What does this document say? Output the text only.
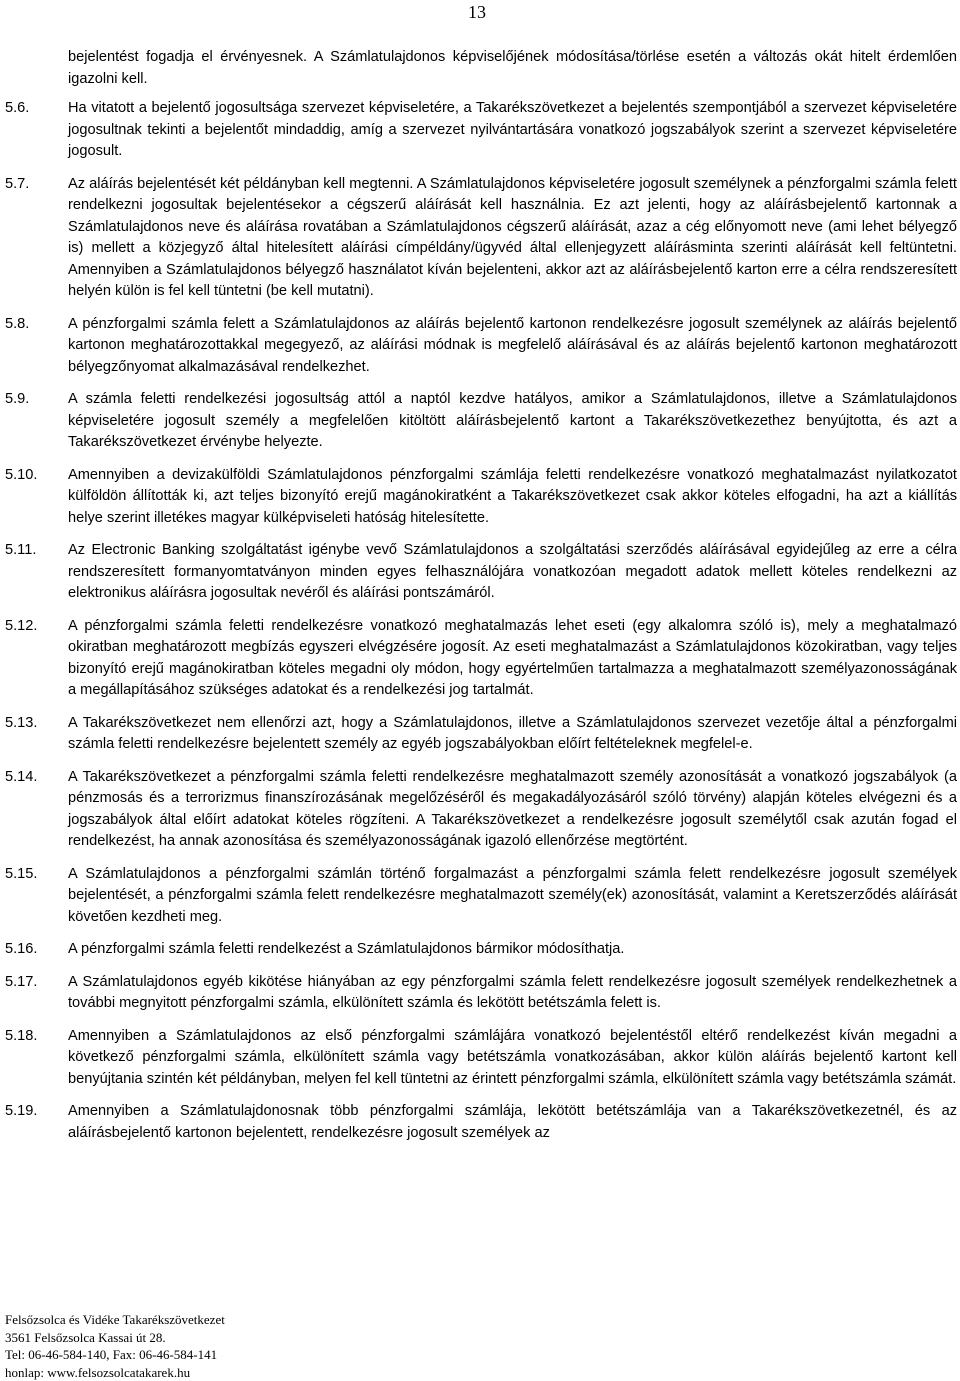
13
bejelentést fogadja el érvényesnek. A Számlatulajdonos képviselőjének módosítása/törlése esetén a változás okát hitelt érdemlően igazolni kell.
5.6.	Ha vitatott a bejelentő jogosultsága szervezet képviseletére, a Takarékszövetkezet a bejelentés szempontjából a szervezet képviseletére jogosultnak tekinti a bejelentőt mindaddig, amíg a szervezet nyilvántartására vonatkozó jogszabályok szerint a szervezet képviseletére jogosult.
5.7.	Az aláírás bejelentését két példányban kell megtenni. A Számlatulajdonos képviseletére jogosult személynek a pénzforgalmi számla felett rendelkezni jogosultak bejelentésekor a cégszerű aláírását kell használnia. Ez azt jelenti, hogy az aláírásbejelentő kartonnak a Számlatulajdonos neve és aláírása rovatában a Számlatulajdonos cégszerű aláírását, azaz a cég előnyomott neve (ami lehet bélyegző is) mellett a közjegyző által hitelesített aláírási címpéldány/ügyvéd által ellenjegyzett aláírásminta szerinti aláírását kell feltüntetni. Amennyiben a Számlatulajdonos bélyegző használatot kíván bejelenteni, akkor azt az aláírásbejelentő karton erre a célra rendszeresített helyén külön is fel kell tüntetni (be kell mutatni).
5.8.	A pénzforgalmi számla felett a Számlatulajdonos az aláírás bejelentő kartonon rendelkezésre jogosult személynek az aláírás bejelentő kartonon meghatározottakkal megegyező, az aláírási módnak is megfelelő aláírásával és az aláírás bejelentő kartonon meghatározott bélyegzőnyomat alkalmazásával rendelkezhet.
5.9.	A számla feletti rendelkezési jogosultság attól a naptól kezdve hatályos, amikor a Számlatulajdonos, illetve a Számlatulajdonos képviseletére jogosult személy a megfelelően kitöltött aláírásbejelentő kartont a Takarékszövetkezethez benyújtotta, és azt a Takarékszövetkezet érvénybe helyezte.
5.10.	Amennyiben a devizakülföldi Számlatulajdonos pénzforgalmi számlája feletti rendelkezésre vonatkozó meghatalmazást nyilatkozatot külföldön állították ki, azt teljes bizonyító erejű magánokiratként a Takarékszövetkezet csak akkor köteles elfogadni, ha azt a kiállítás helye szerint illetékes magyar külképviseleti hatóság hitelesítette.
5.11.	Az Electronic Banking szolgáltatást igénybe vevő Számlatulajdonos a szolgáltatási szerződés aláírásával egyidejűleg az erre a célra rendszeresített formanyomtatványon minden egyes felhasználójára vonatkozóan megadott adatok mellett köteles rendelkezni az elektronikus aláírásra jogosultak nevéről és aláírási pontszámáról.
5.12.	A pénzforgalmi számla feletti rendelkezésre vonatkozó meghatalmazás lehet eseti (egy alkalomra szóló is), mely a meghatalmazó okiratban meghatározott megbízás egyszeri elvégzésére jogosít. Az eseti meghatalmazást a Számlatulajdonos közokiratban, vagy teljes bizonyító erejű magánokiratban köteles megadni oly módon, hogy egyértelműen tartalmazza a meghatalmazott személyazonosságának a megállapításához szükséges adatokat és a rendelkezési jog tartalmát.
5.13.	A Takarékszövetkezet nem ellenőrzi azt, hogy a Számlatulajdonos, illetve a Számlatulajdonos szervezet vezetője által a pénzforgalmi számla feletti rendelkezésre bejelentett személy az egyéb jogszabályokban előírt feltételeknek megfelel-e.
5.14.	A Takarékszövetkezet a pénzforgalmi számla feletti rendelkezésre meghatalmazott személy azonosítását a vonatkozó jogszabályok (a pénzmosás és a terrorizmus finanszírozásának megelőzéséről és megakadályozásáról szóló törvény) alapján köteles elvégezni és a jogszabályok által előírt adatokat köteles rögzíteni. A Takarékszövetkezet a rendelkezésre jogosult személytől csak azután fogad el rendelkezést, ha annak azonosítása és személyazonosságának igazoló ellenőrzése megtörtént.
5.15.	A Számlatulajdonos a pénzforgalmi számlán történő forgalmazást a pénzforgalmi számla felett rendelkezésre jogosult személyek bejelentését, a pénzforgalmi számla felett rendelkezésre meghatalmazott személy(ek) azonosítását, valamint a Keretszerződés aláírását követően kezdheti meg.
5.16.	A pénzforgalmi számla feletti rendelkezést a Számlatulajdonos bármikor módosíthatja.
5.17.	A Számlatulajdonos egyéb kikötése hiányában az egy pénzforgalmi számla felett rendelkezésre jogosult személyek rendelkezhetnek a további megnyitott pénzforgalmi számla, elkülönített számla és lekötött betétszámla felett is.
5.18.	Amennyiben a Számlatulajdonos az első pénzforgalmi számlájára vonatkozó bejelentéstől eltérő rendelkezést kíván megadni a következő pénzforgalmi számla, elkülönített számla vagy betétszámla vonatkozásában, akkor külön aláírás bejelentő kartont kell benyújtania szintén két példányban, melyen fel kell tüntetni az érintett pénzforgalmi számla, elkülönített számla vagy betétszámla számát.
5.19.	Amennyiben a Számlatulajdonosnak több pénzforgalmi számlája, lekötött betétszámlája van a Takarékszövetkezetnél, és az aláírásbejelentő kartonon bejelentett, rendelkezésre jogosult személyek az
Felsőzsolca és Vidéke Takarékszövetkezet
3561 Felsőzsolca Kassai út 28.
Tel: 06-46-584-140, Fax: 06-46-584-141
honlap: www.felsozsolcatakarek.hu
